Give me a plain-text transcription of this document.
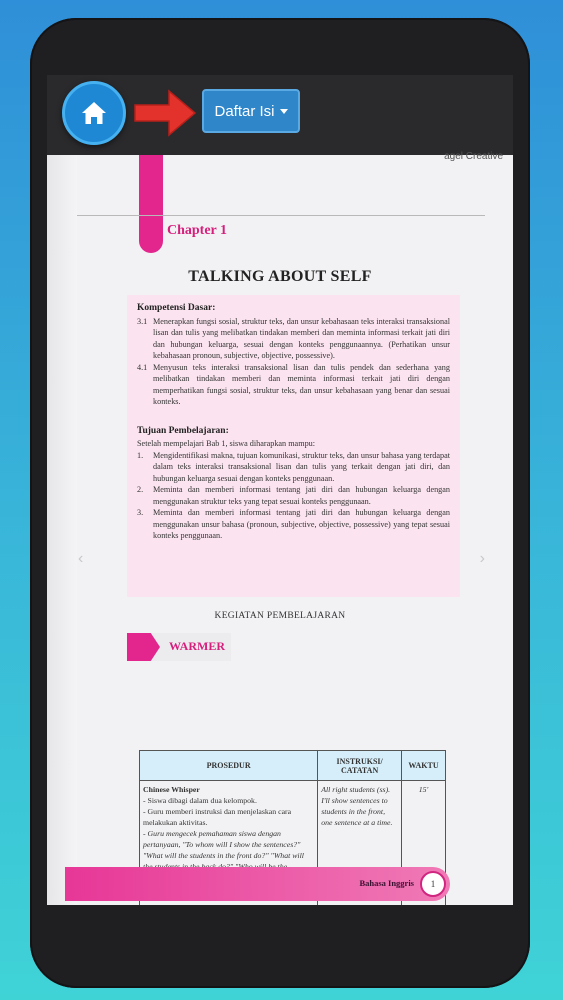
Daftar Isi
agel Creative
‹	›
Chapter 1
TALKING ABOUT SELF
Kompetensi Dasar:
3.1 Menerapkan fungsi sosial, struktur teks, dan unsur kebahasaan teks interaksi transaksional lisan dan tulis yang melibatkan tindakan memberi dan meminta informasi terkait jati diri dan hubungan keluarga, sesuai dengan konteks penggunaannya. (Perhatikan unsur kebahasaan pronoun, subjective, objective, possessive).
4.1 Menyusun teks interaksi transaksional lisan dan tulis pendek dan sederhana yang melibatkan tindakan memberi dan meminta informasi terkait jati diri dengan memperhatikan fungsi sosial, struktur teks, dan unsur kebahasaan yang benar dan sesuai konteks.
Tujuan Pembelajaran:
Setelah mempelajari Bab 1, siswa diharapkan mampu:
1.	Mengidentifikasi makna, tujuan komunikasi, struktur teks, dan unsur bahasa yang terdapat dalam teks interaksi transaksional lisan dan tulis yang terkait dengan jati diri, dan hubungan keluarga sesuai dengan konteks penggunaan.
2.	Meminta dan memberi informasi tentang jati diri dan hubungan keluarga dengan menggunakan struktur teks yang tepat sesuai konteks penggunaan.
3.	Meminta dan memberi informasi tentang jati diri dan hubungan keluarga dengan menggunakan unsur bahasa (pronoun, subjective, objective, possessive) yang tepat sesuai konteks penggunaan.
KEGIATAN PEMBELAJARAN
WARMER
PROSEDUR	INSTRUKSI/ CATATAN	WAKTU

Chinese Whisper
- Siswa dibagi dalam dua kelompok.
- Guru memberi instruksi dan menjelaskan cara melakukan aktivitas.
- Guru mengecek pemahaman siswa dengan pertanyaan, "To whom will I show the sentences?" "What will the students in the front do?" "What will	All right students (ss). I'll show sentences to students in the front, one sentence at a time.	15'
Bahasa Inggris	1
